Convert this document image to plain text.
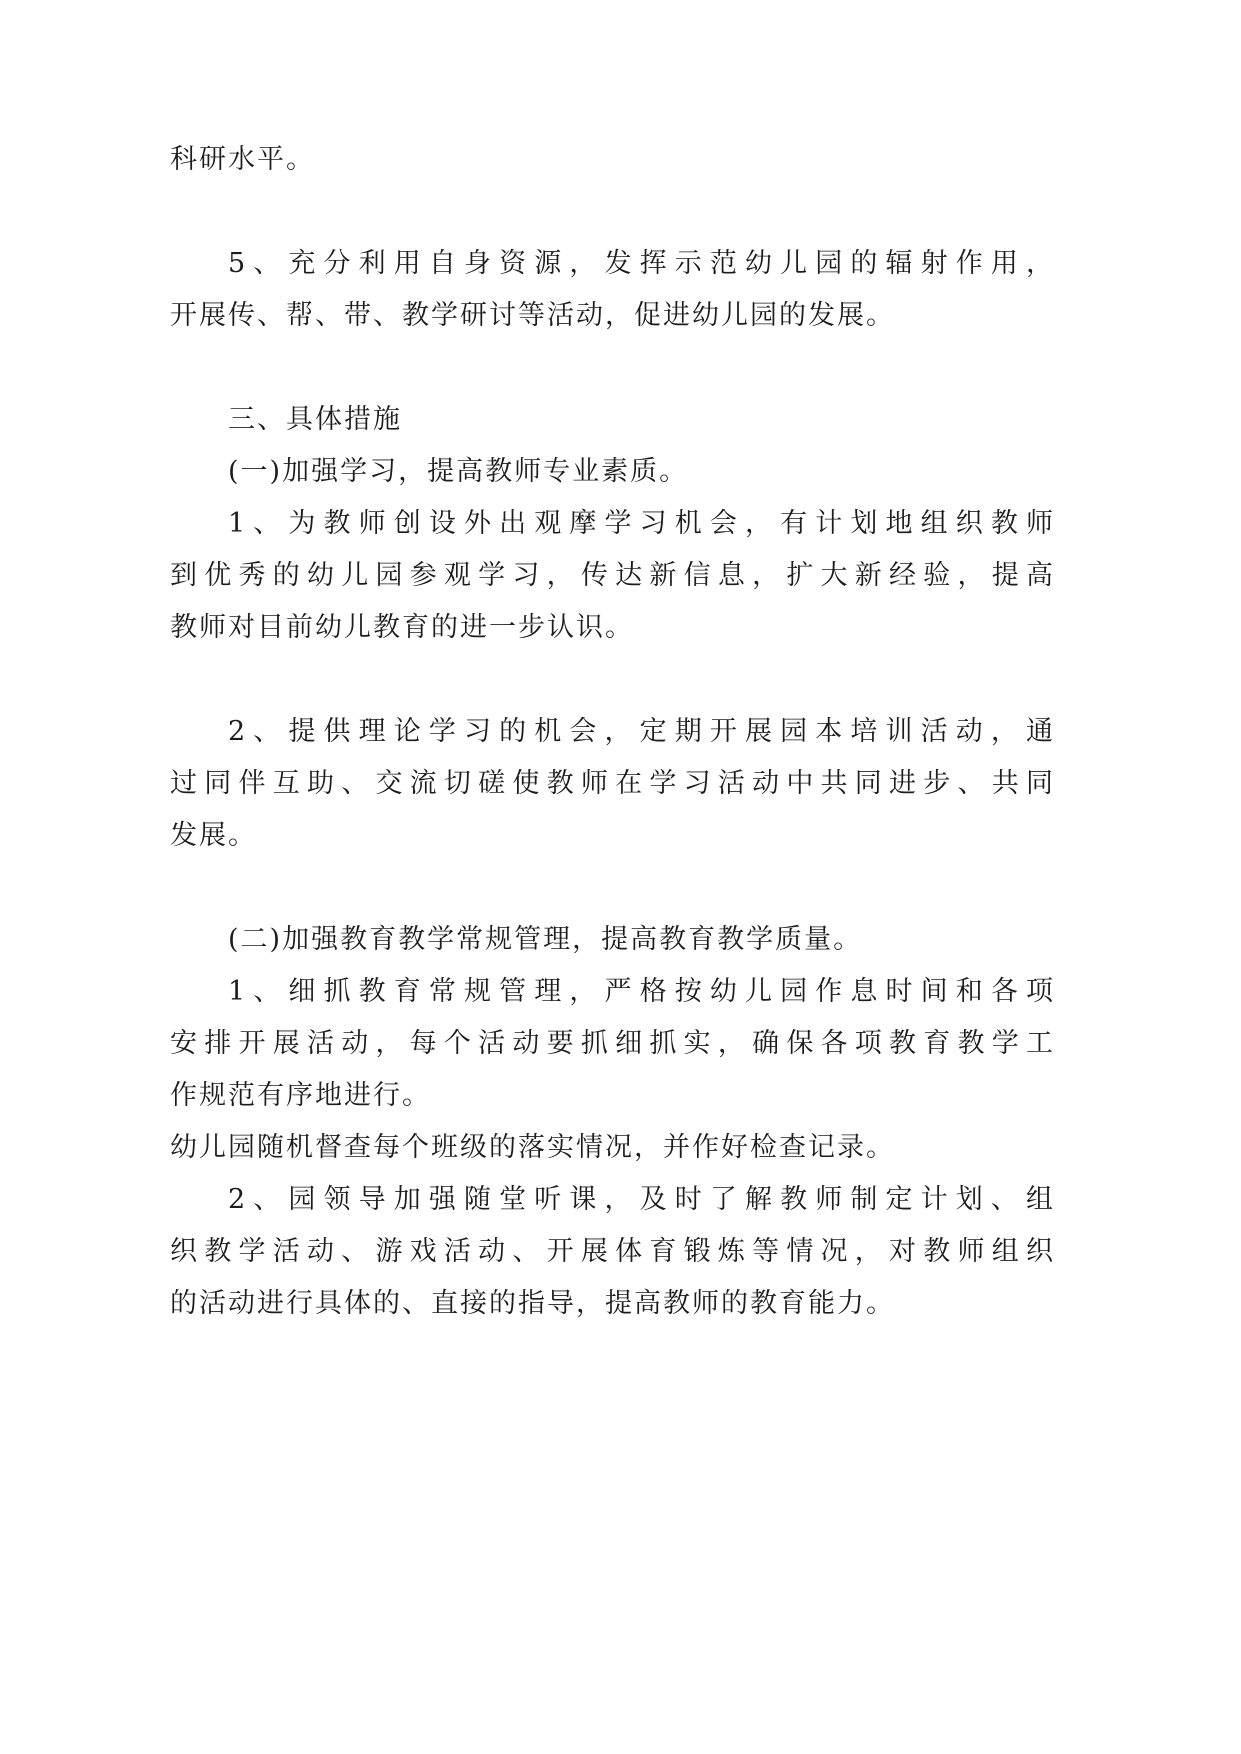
科研水平。
5、充分利用自身资源，发挥示范幼儿园的辐射作用，
开展传、帮、带、教学研讨等活动，促进幼儿园的发展。
三、具体措施
(一)加强学习，提高教师专业素质。
1、为教师创设外出观摩学习机会，有计划地组织教师
到优秀的幼儿园参观学习，传达新信息，扩大新经验，提高
教师对目前幼儿教育的进一步认识。
2、提供理论学习的机会，定期开展园本培训活动，通
过同伴互助、交流切磋使教师在学习活动中共同进步、共同
发展。
(二)加强教育教学常规管理，提高教育教学质量。
1、细抓教育常规管理，严格按幼儿园作息时间和各项
安排开展活动，每个活动要抓细抓实，确保各项教育教学工
作规范有序地进行。
幼儿园随机督查每个班级的落实情况，并作好检查记录。
2、园领导加强随堂听课，及时了解教师制定计划、组
织教学活动、游戏活动、开展体育锻炼等情况，对教师组织
的活动进行具体的、直接的指导，提高教师的教育能力。
